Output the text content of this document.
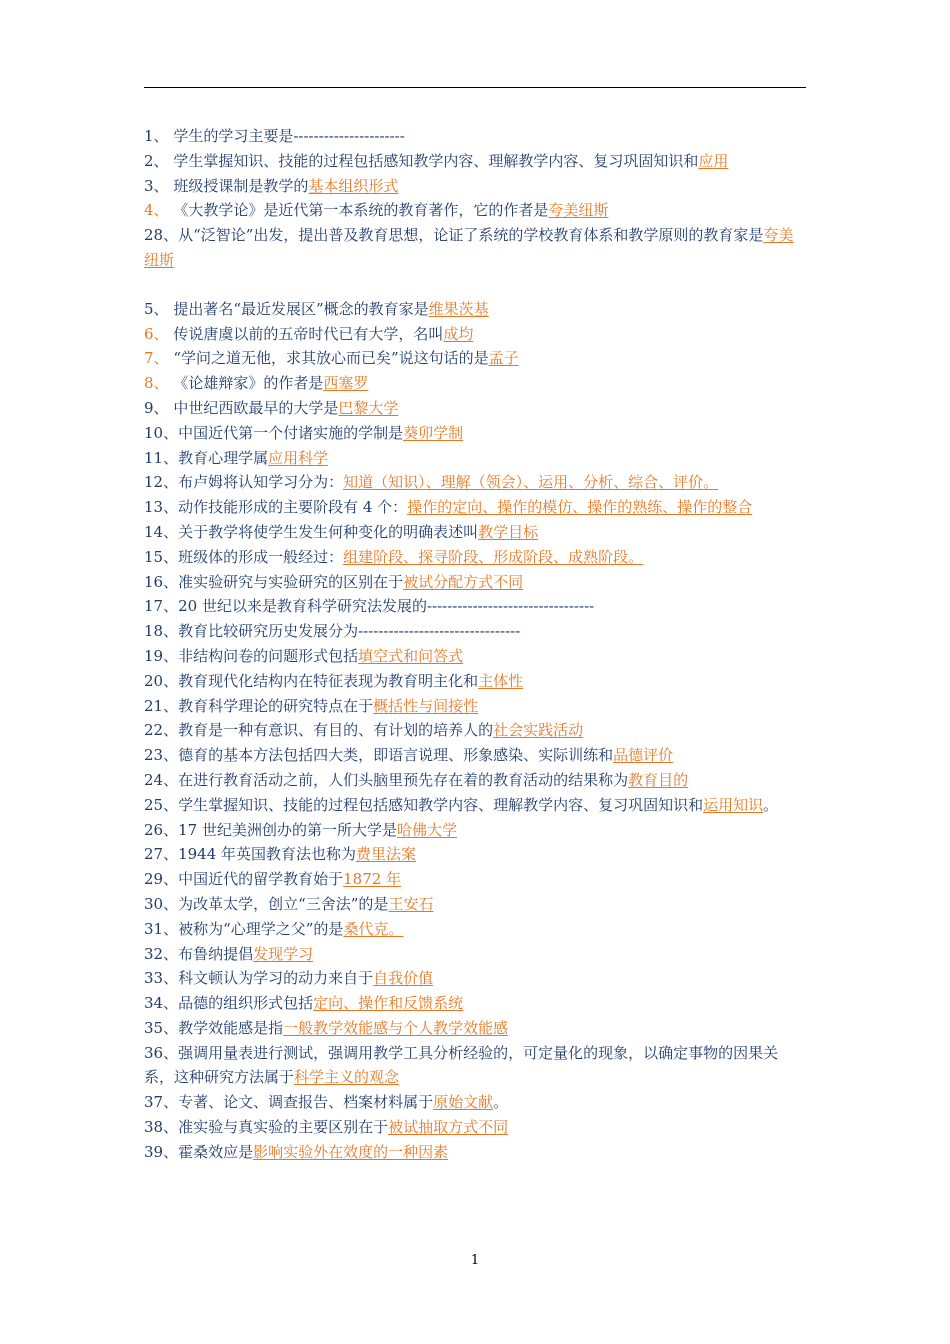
1、 学生的学习主要是----------------------

2、 学生掌握知识、技能的过程包括感知教学内容、理解教学内容、复习巩固知识和应用

3、 班级授课制是教学的基本组织形式

4、 《大教学论》是近代第一本系统的教育著作，它的作者是夸美纽斯

28、从“泛智论”出发，提出普及教育思想，论证了系统的学校教育体系和教学原则的教育家是夸美纽斯

5、 提出著名“最近发展区”概念的教育家是维果茨基

6、 传说唐虞以前的五帝时代已有大学，名叫成均

7、 “学问之道无他，求其放心而已矣”说这句话的是孟子

8、 《论雄辩家》的作者是西塞罗

9、 中世纪西欧最早的大学是巴黎大学

10、中国近代第一个付诸实施的学制是葵卯学制

11、教育心理学属应用科学

12、布卢姆将认知学习分为：知道（知识）、理解（领会）、运用、分析、综合、评价。

13、动作技能形成的主要阶段有 4 个：操作的定向、操作的模仿、操作的熟练、操作的整合

14、关于教学将使学生发生何种变化的明确表述叫教学目标

15、班级体的形成一般经过：组建阶段、探寻阶段、形成阶段、成熟阶段。

16、准实验研究与实验研究的区别在于被试分配方式不同

17、20 世纪以来是教育科学研究法发展的---------------------------------

18、教育比较研究历史发展分为--------------------------------

19、非结构问卷的问题形式包括填空式和问答式

20、教育现代化结构内在特征表现为教育明主化和主体性

21、教育科学理论的研究特点在于概括性与间接性

22、教育是一种有意识、有目的、有计划的培养人的社会实践活动

23、德育的基本方法包括四大类，即语言说理、形象感染、实际训练和品德评价

24、在进行教育活动之前，人们头脑里预先存在着的教育活动的结果称为教育目的

25、学生掌握知识、技能的过程包括感知教学内容、理解教学内容、复习巩固知识和运用知识。

26、17 世纪美洲创办的第一所大学是哈佛大学

27、1944 年英国教育法也称为费里法案

29、中国近代的留学教育始于1872 年

30、为改革太学，创立“三舍法”的是王安石

31、被称为“心理学之父”的是桑代克。

32、布鲁纳提倡发现学习

33、科文顿认为学习的动力来自于自我价值

34、品德的组织形式包括定向、操作和反馈系统

35、教学效能感是指一般教学效能感与个人教学效能感

36、强调用量表进行测试，强调用教学工具分析经验的，可定量化的现象，以确定事物的因果关系，这种研究方法属于科学主义的观念

37、专著、论文、调查报告、档案材料属于原始文献。

38、准实验与真实验的主要区别在于被试抽取方式不同

39、霍桑效应是影响实验外在效度的一种因素

1
